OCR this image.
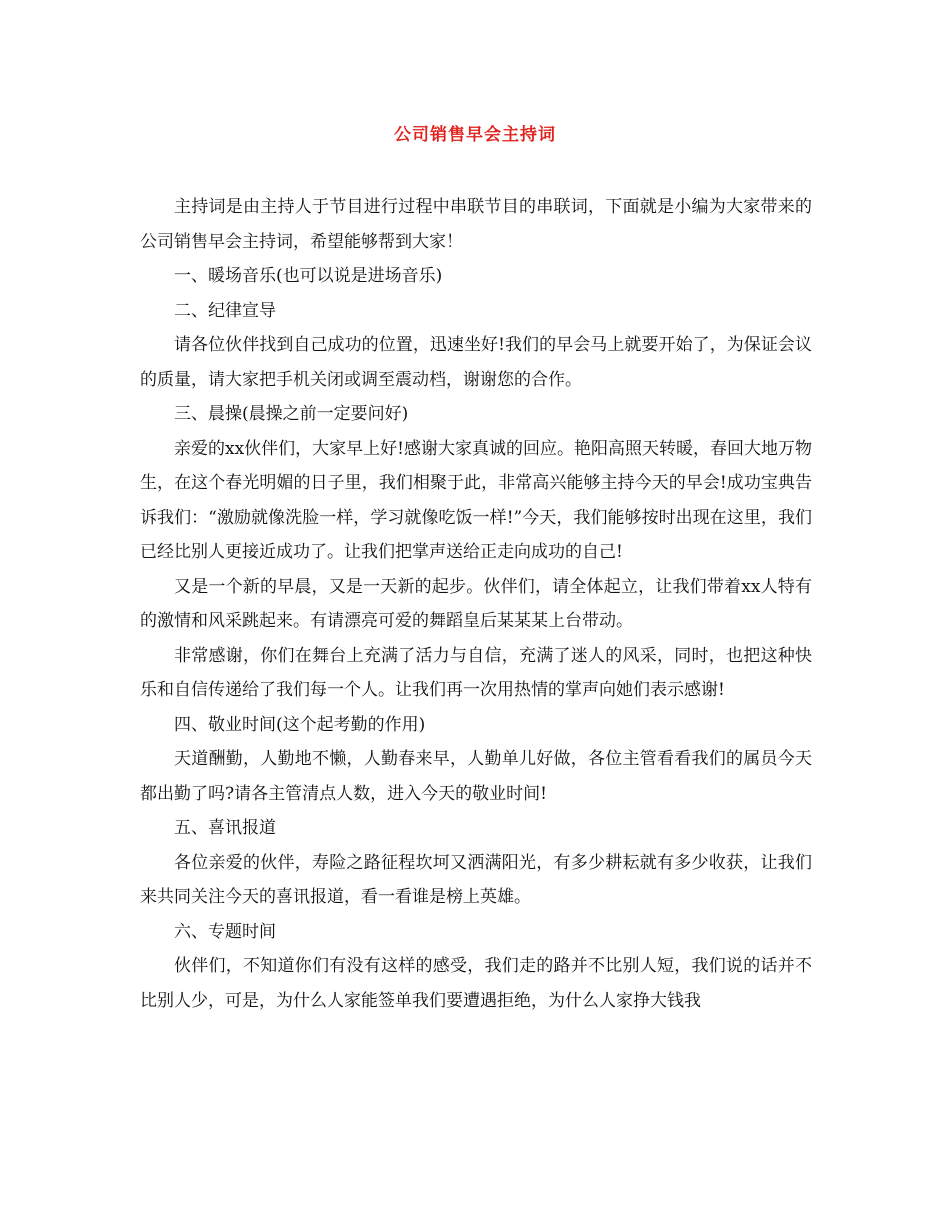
公司销售早会主持词

主持词是由主持人于节目进行过程中串联节目的串联词，下面就是小编为大家带来的公司销售早会主持词，希望能够帮到大家！

一、暖场音乐(也可以说是进场音乐)

二、纪律宣导

请各位伙伴找到自己成功的位置，迅速坐好!我们的早会马上就要开始了，为保证会议的质量，请大家把手机关闭或调至震动档，谢谢您的合作。

三、晨操(晨操之前一定要问好)

亲爱的xx伙伴们，大家早上好!感谢大家真诚的回应。艳阳高照天转暖，春回大地万物生，在这个春光明媚的日子里，我们相聚于此，非常高兴能够主持今天的早会!成功宝典告诉我们：“激励就像洗脸一样，学习就像吃饭一样!”今天，我们能够按时出现在这里，我们已经比别人更接近成功了。让我们把掌声送给正走向成功的自己!

又是一个新的早晨，又是一天新的起步。伙伴们，请全体起立，让我们带着xx人特有的激情和风采跳起来。有请漂亮可爱的舞蹈皇后某某某上台带动。

非常感谢，你们在舞台上充满了活力与自信，充满了迷人的风采，同时，也把这种快乐和自信传递给了我们每一个人。让我们再一次用热情的掌声向她们表示感谢!

四、敬业时间(这个起考勤的作用)

天道酬勤，人勤地不懒，人勤春来早，人勤单儿好做，各位主管看看我们的属员今天都出勤了吗?请各主管清点人数，进入今天的敬业时间!

五、喜讯报道

各位亲爱的伙伴，寿险之路征程坎坷又洒满阳光，有多少耕耘就有多少收获，让我们来共同关注今天的喜讯报道，看一看谁是榜上英雄。

六、专题时间

伙伴们，不知道你们有没有这样的感受，我们走的路并不比别人短，我们说的话并不比别人少，可是，为什么人家能签单我们要遭遇拒绝，为什么人家挣大钱我
